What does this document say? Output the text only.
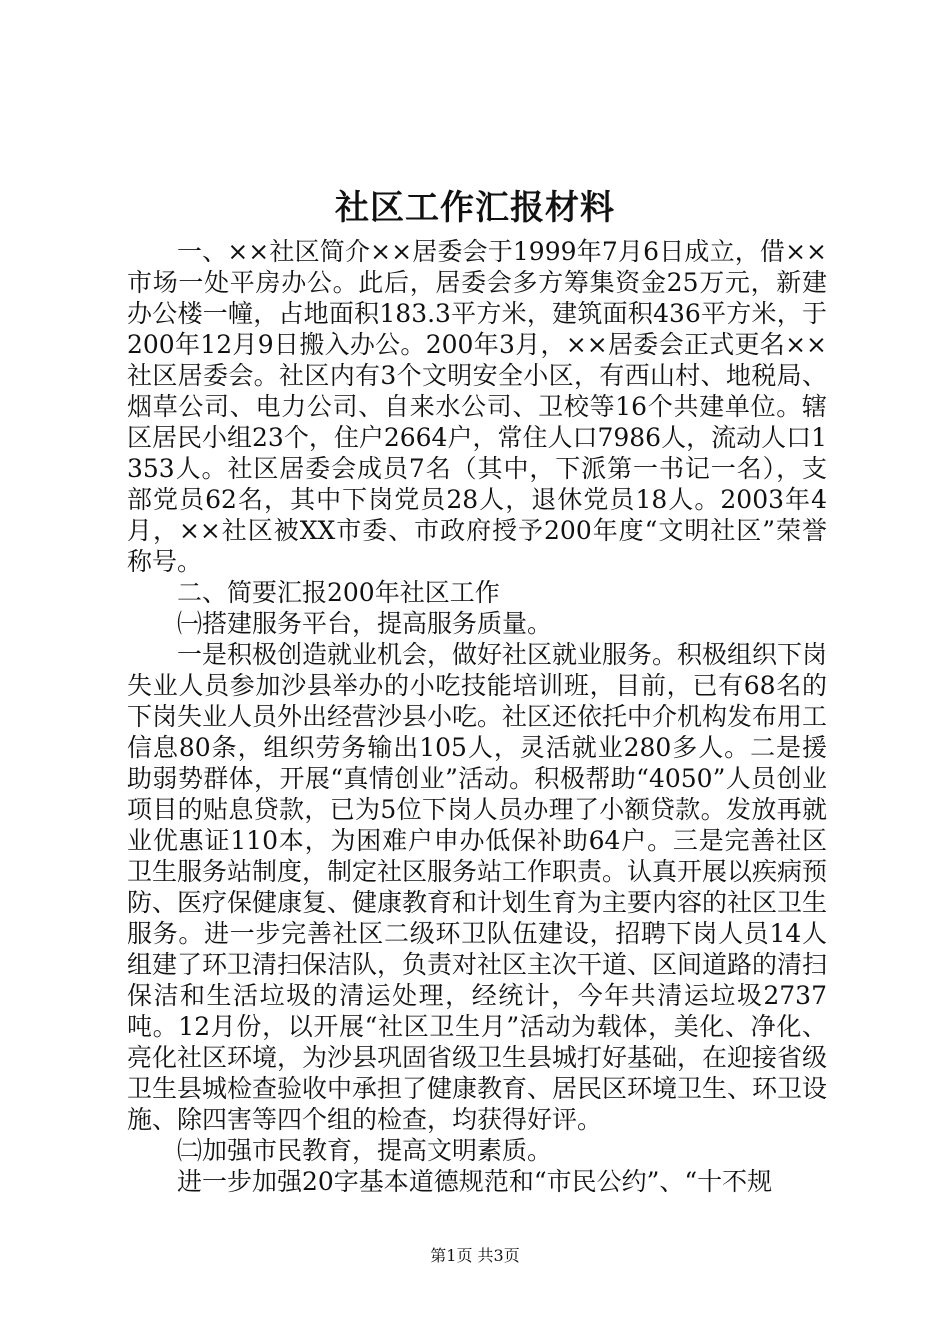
社区工作汇报材料

一、××社区简介××居委会于1999年7月6日成立，借××市场一处平房办公。此后，居委会多方筹集资金25万元，新建办公楼一幢，占地面积183.3平方米，建筑面积436平方米，于200年12月9日搬入办公。200年3月，××居委会正式更名××社区居委会。社区内有3个文明安全小区，有西山村、地税局、烟草公司、电力公司、自来水公司、卫校等16个共建单位。辖区居民小组23个，住户2664户，常住人口7986人，流动人口1353人。社区居委会成员7名（其中，下派第一书记一名），支部党员62名，其中下岗党员28人，退休党员18人。2003年4月，××社区被XX市委、市政府授予200年度“文明社区”荣誉称号。

二、简要汇报200年社区工作

㈠搭建服务平台，提高服务质量。

一是积极创造就业机会，做好社区就业服务。积极组织下岗失业人员参加沙县举办的小吃技能培训班，目前，已有68名的下岗失业人员外出经营沙县小吃。社区还依托中介机构发布用工信息80条，组织劳务输出105人，灵活就业280多人。二是援助弱势群体，开展“真情创业”活动。积极帮助“4050”人员创业项目的贴息贷款，已为5位下岗人员办理了小额贷款。发放再就业优惠证110本，为困难户申办低保补助64户。三是完善社区卫生服务站制度，制定社区服务站工作职责。认真开展以疾病预防、医疗保健康复、健康教育和计划生育为主要内容的社区卫生服务。进一步完善社区二级环卫队伍建设，招聘下岗人员14人组建了环卫清扫保洁队，负责对社区主次干道、区间道路的清扫保洁和生活垃圾的清运处理，经统计，今年共清运垃圾2737吨。12月份，以开展“社区卫生月”活动为载体，美化、净化、亮化社区环境，为沙县巩固省级卫生县城打好基础，在迎接省级卫生县城检查验收中承担了健康教育、居民区环境卫生、环卫设施、除四害等四个组的检查，均获得好评。

㈡加强市民教育，提高文明素质。

进一步加强20字基本道德规范和“市民公约”、“十不规

第1页 共3页
